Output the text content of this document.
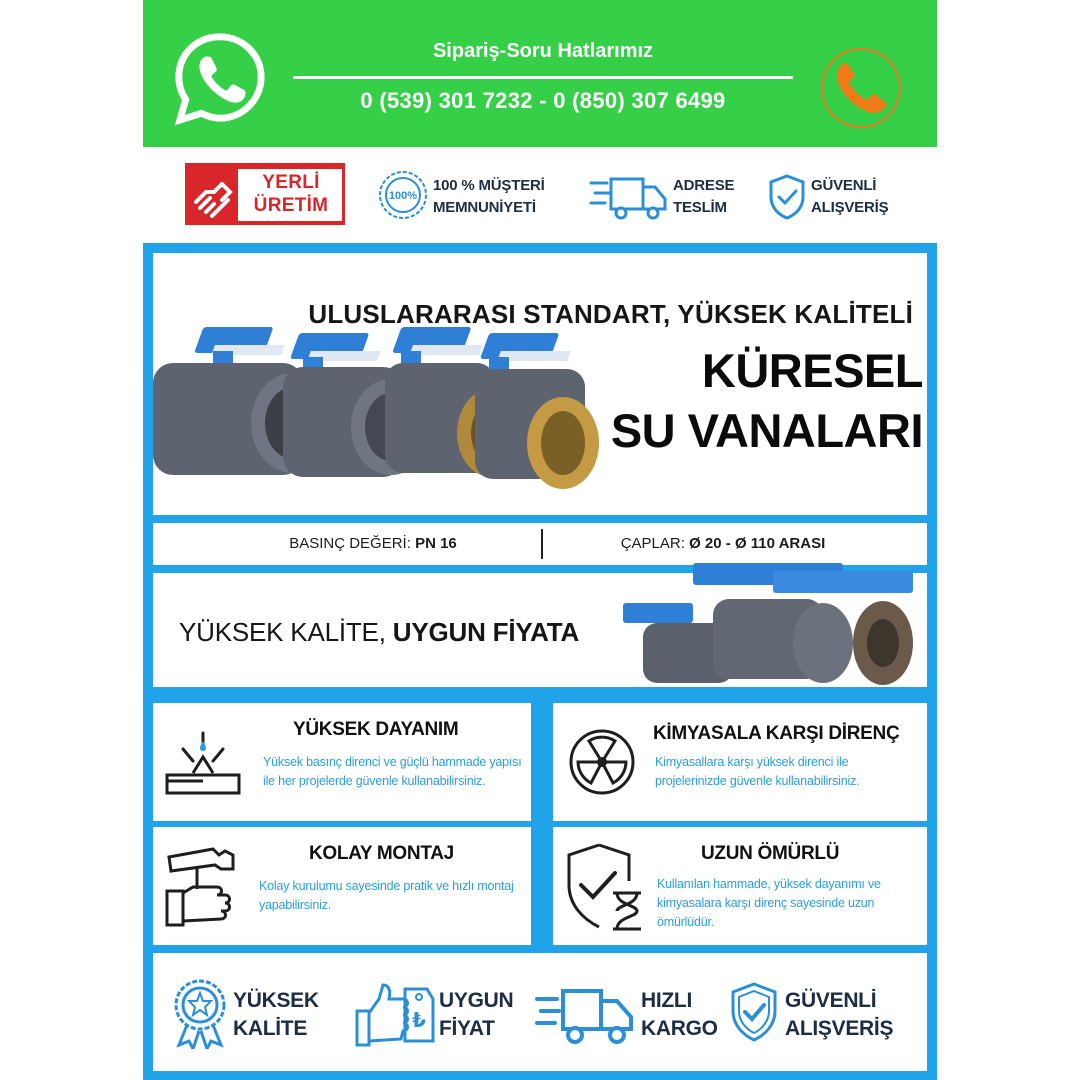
Sipariş-Soru Hatlarımız
0 (539) 301 7232 - 0 (850) 307 6499
YERLİ
ÜRETİM	100%
100 % MÜŞTERİ
MEMNUNİYETİ
ADRESE
TESLİM
GÜVENLİ
ALIŞVERİŞ
ULUSLARARASI STANDART, YÜKSEK KALİTELİ
KÜRESEL
SU VANALARI
BASINÇ DEĞERİ: PN 16	ÇAPLAR: Ø 20 - Ø 110 ARASI
YÜKSEK KALİTE, UYGUN FİYATA
YÜKSEK DAYANIM
Yüksek basınç direnci ve güçlü hammade yapısı ile her projelerde güvenle kullanabilirsiniz.
KİMYASALA KARŞI DİRENÇ
Kimyasallara karşı yüksek direnci ile projelerinizde güvenle kullanabilirsiniz.
KOLAY MONTAJ
Kolay kurulumu sayesinde pratik ve hızlı montaj yapabilirsiniz.
UZUN ÖMÜRLÜ
Kullanılan hammade, yüksek dayanımı ve kimyasalara karşı direnç sayesinde uzun ömürlüdür.
YÜKSEK
KALİTE	₺
UYGUN
FİYAT
HIZLI
KARGO
GÜVENLİ
ALIŞVERİŞ
